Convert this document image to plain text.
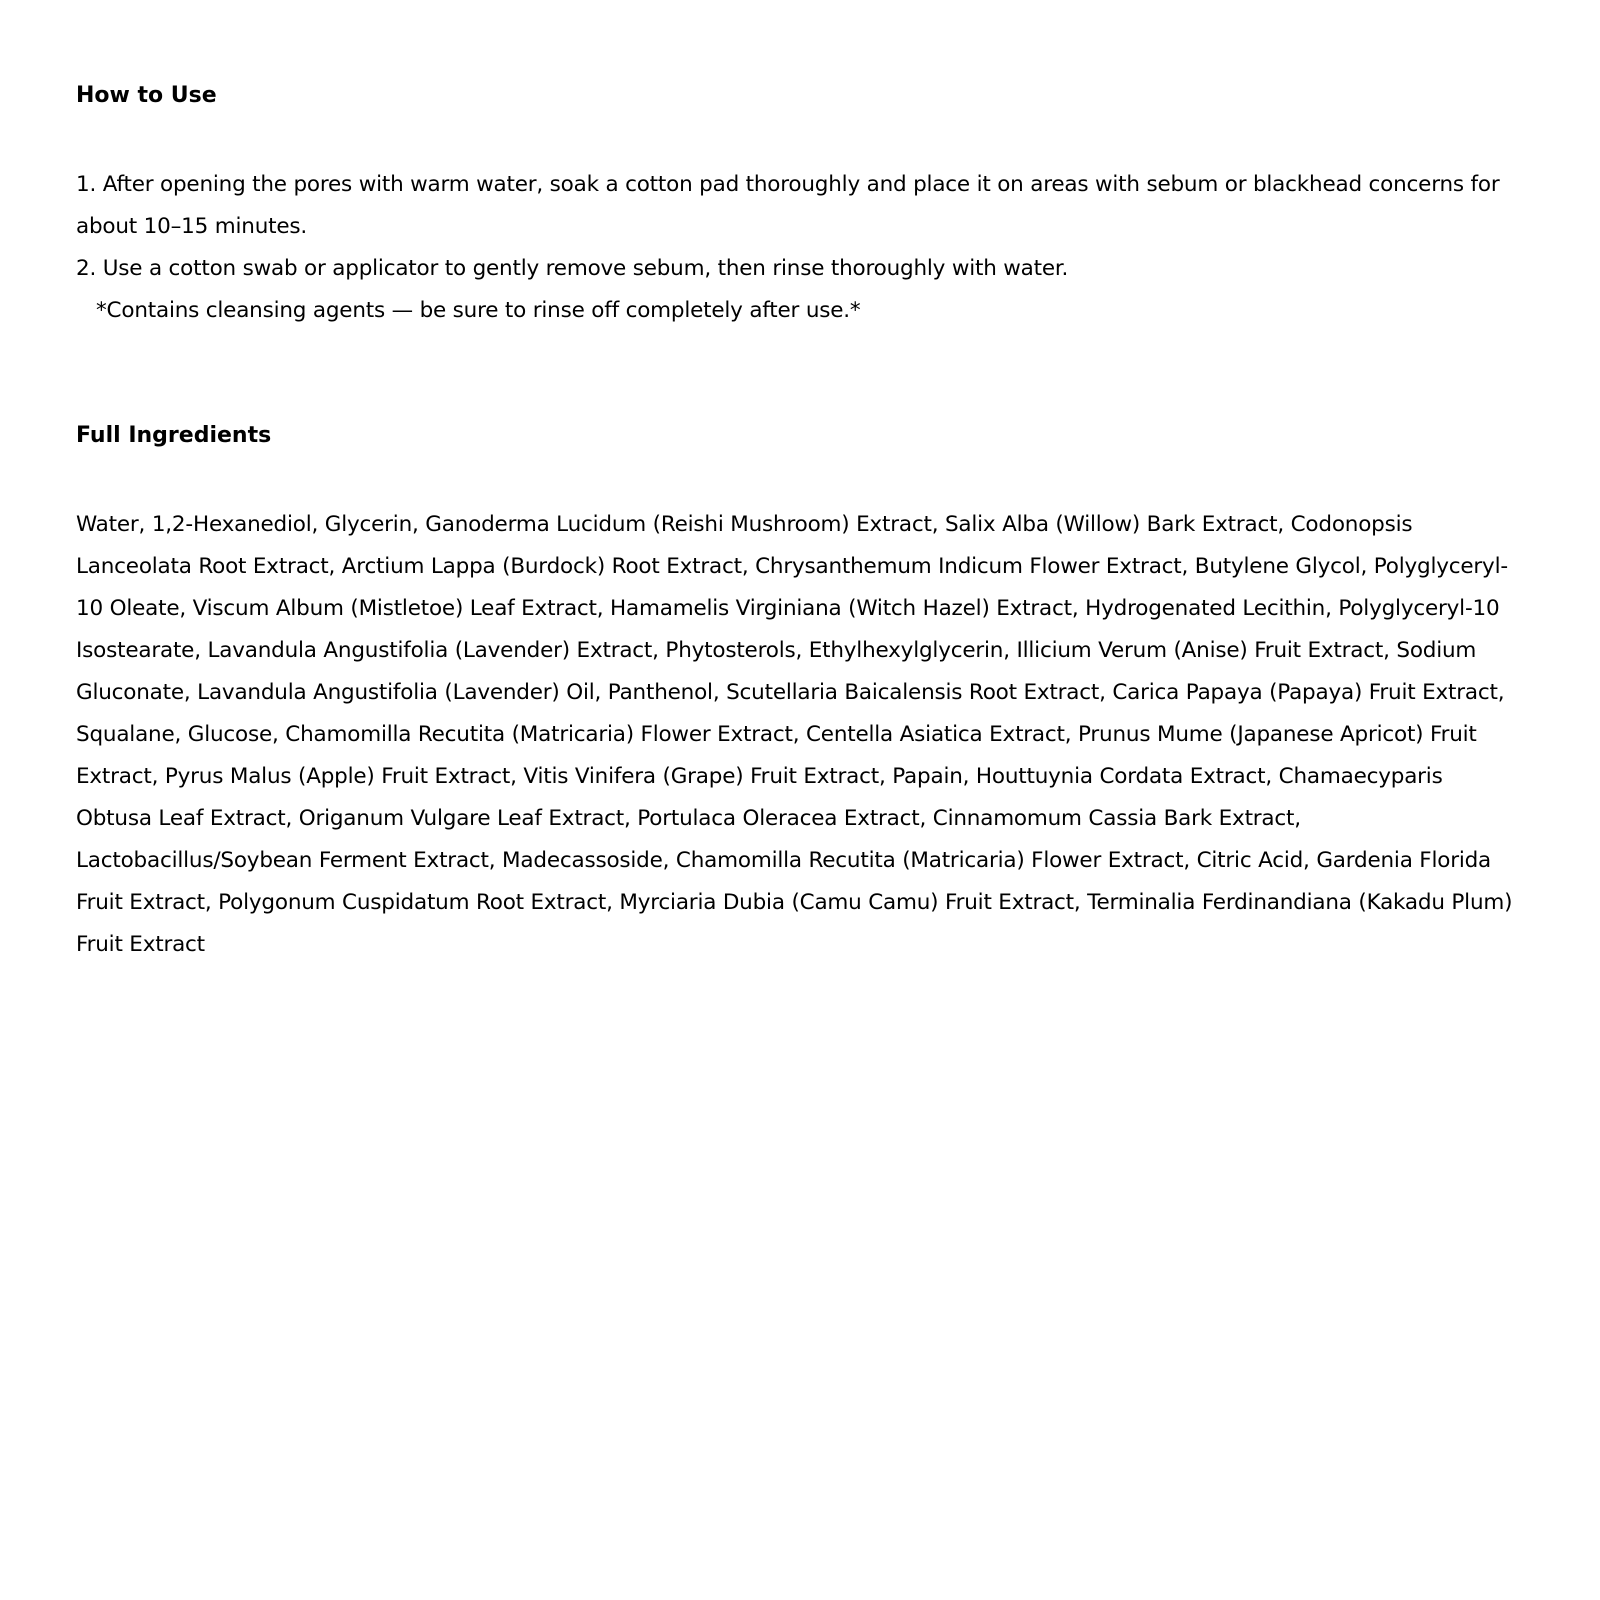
How to Use

1. After opening the pores with warm water, soak a cotton pad thoroughly and place it on areas with sebum or blackhead concerns for about 10–15 minutes.

2. Use a cotton swab or applicator to gently remove sebum, then rinse thoroughly with water.

*Contains cleansing agents — be sure to rinse off completely after use.*

Full Ingredients

Water, 1,2-Hexanediol, Glycerin, Ganoderma Lucidum (Reishi Mushroom) Extract, Salix Alba (Willow) Bark Extract, Codonopsis Lanceolata Root Extract, Arctium Lappa (Burdock) Root Extract, Chrysanthemum Indicum Flower Extract, Butylene Glycol, Polyglyceryl-10 Oleate, Viscum Album (Mistletoe) Leaf Extract, Hamamelis Virginiana (Witch Hazel) Extract, Hydrogenated Lecithin, Polyglyceryl-10 Isostearate, Lavandula Angustifolia (Lavender) Extract, Phytosterols, Ethylhexylglycerin, Illicium Verum (Anise) Fruit Extract, Sodium Gluconate, Lavandula Angustifolia (Lavender) Oil, Panthenol, Scutellaria Baicalensis Root Extract, Carica Papaya (Papaya) Fruit Extract, Squalane, Glucose, Chamomilla Recutita (Matricaria) Flower Extract, Centella Asiatica Extract, Prunus Mume (Japanese Apricot) Fruit Extract, Pyrus Malus (Apple) Fruit Extract, Vitis Vinifera (Grape) Fruit Extract, Papain, Houttuynia Cordata Extract, Chamaecyparis Obtusa Leaf Extract, Origanum Vulgare Leaf Extract, Portulaca Oleracea Extract, Cinnamomum Cassia Bark Extract, Lactobacillus/Soybean Ferment Extract, Madecassoside, Chamomilla Recutita (Matricaria) Flower Extract, Citric Acid, Gardenia Florida Fruit Extract, Polygonum Cuspidatum Root Extract, Myrciaria Dubia (Camu Camu) Fruit Extract, Terminalia Ferdinandiana (Kakadu Plum) Fruit Extract
